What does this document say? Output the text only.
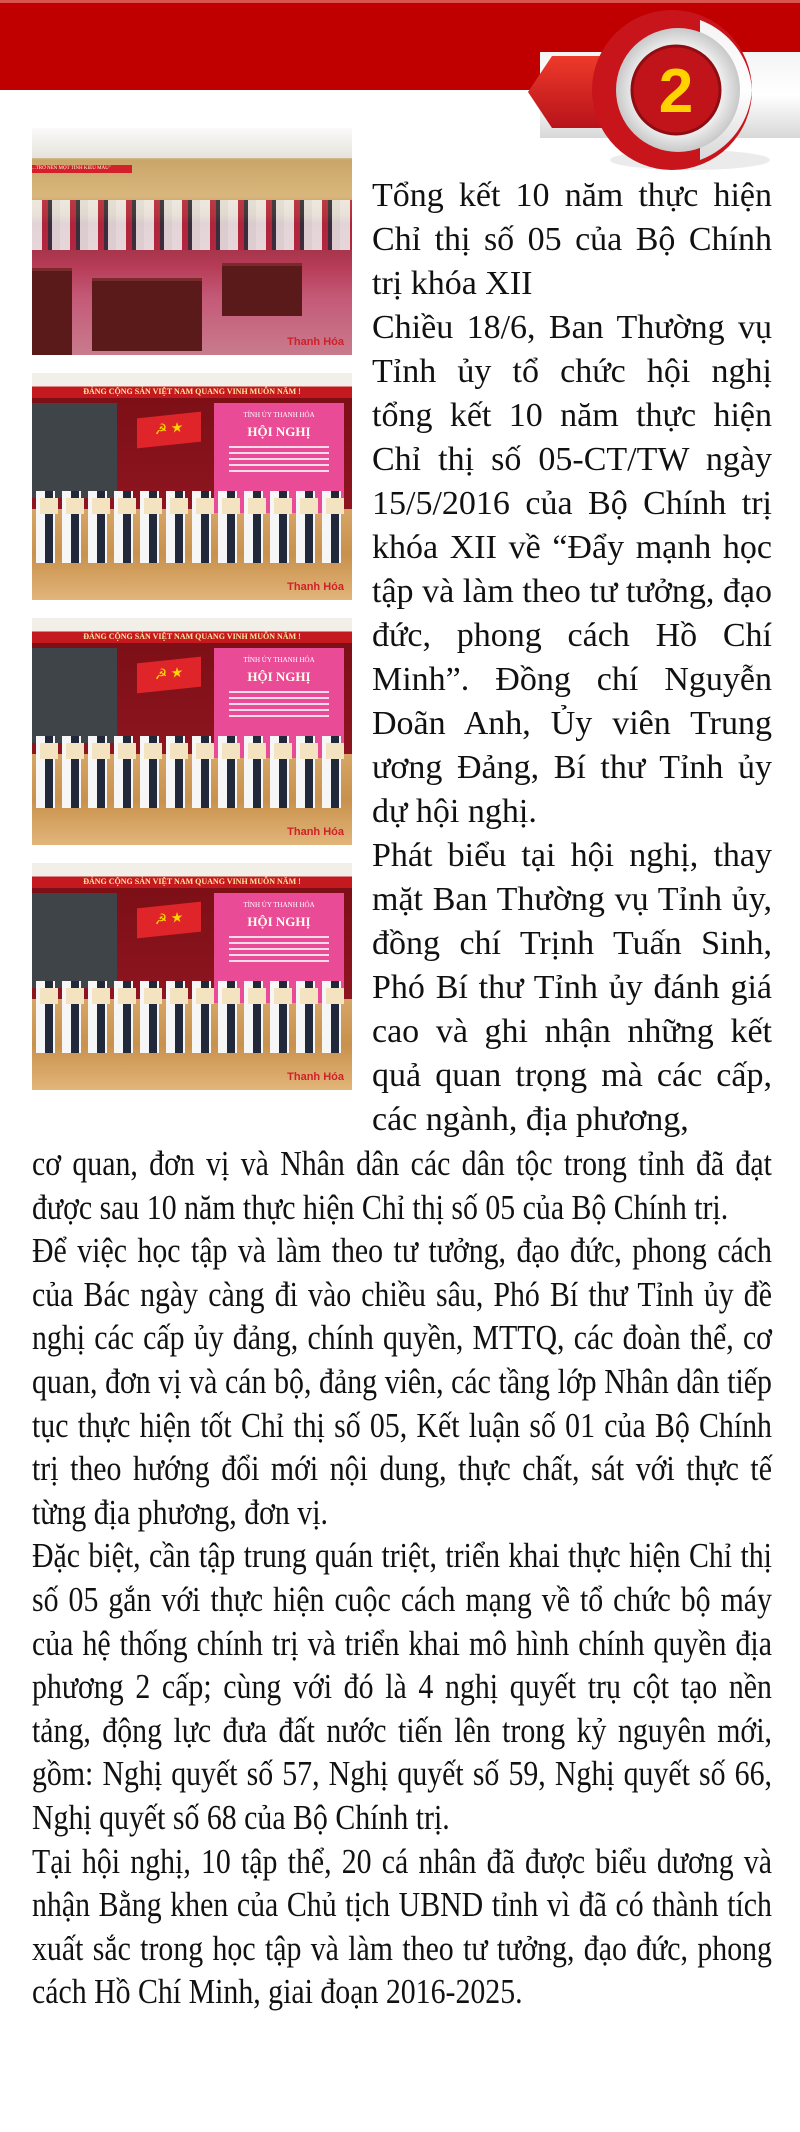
2
...TRỞ NÊN MỘT TỈNH KIỂU MẪU"
Thanh Hóa
ĐẢNG CỘNG SẢN VIỆT NAM QUANG VINH MUÔN NĂM !
☭ ★
TỈNH ỦY THANH HÓA
HỘI NGHỊ
Thanh Hóa
ĐẢNG CỘNG SẢN VIỆT NAM QUANG VINH MUÔN NĂM !
☭ ★
TỈNH ỦY THANH HÓA
HỘI NGHỊ
Thanh Hóa
ĐẢNG CỘNG SẢN VIỆT NAM QUANG VINH MUÔN NĂM !
☭ ★
TỈNH ỦY THANH HÓA
HỘI NGHỊ
Thanh Hóa

Tổng kết 10 năm thực hiện Chỉ thị số 05 của Bộ Chính trị khóa XII

Chiều 18/6, Ban Thường vụ Tỉnh ủy tổ chức hội nghị tổng kết 10 năm thực hiện Chỉ thị số 05-CT/TW ngày 15/5/2016 của Bộ Chính trị khóa XII về “Đẩy mạnh học tập và làm theo tư tưởng, đạo đức, phong cách Hồ Chí Minh”. Đồng chí Nguyễn Doãn Anh, Ủy viên Trung ương Đảng, Bí thư Tỉnh ủy dự hội nghị.

Phát biểu tại hội nghị, thay mặt Ban Thường vụ Tỉnh ủy, đồng chí Trịnh Tuấn Sinh, Phó Bí thư Tỉnh ủy đánh giá cao và ghi nhận những kết quả quan trọng mà các cấp, các ngành, địa phương,

cơ quan, đơn vị và Nhân dân các dân tộc trong tỉnh đã đạt được sau 10 năm thực hiện Chỉ thị số 05 của Bộ Chính trị.

Để việc học tập và làm theo tư tưởng, đạo đức, phong cách của Bác ngày càng đi vào chiều sâu, Phó Bí thư Tỉnh ủy đề nghị các cấp ủy đảng, chính quyền, MTTQ, các đoàn thể, cơ quan, đơn vị và cán bộ, đảng viên, các tầng lớp Nhân dân tiếp tục thực hiện tốt Chỉ thị số 05, Kết luận số 01 của Bộ Chính trị theo hướng đổi mới nội dung, thực chất, sát với thực tế từng địa phương, đơn vị.

Đặc biệt, cần tập trung quán triệt, triển khai thực hiện Chỉ thị số 05 gắn với thực hiện cuộc cách mạng về tổ chức bộ máy của hệ thống chính trị và triển khai mô hình chính quyền địa phương 2 cấp; cùng với đó là 4 nghị quyết trụ cột tạo nền tảng, động lực đưa đất nước tiến lên trong kỷ nguyên mới, gồm: Nghị quyết số 57, Nghị quyết số 59, Nghị quyết số 66, Nghị quyết số 68 của Bộ Chính trị.

Tại hội nghị, 10 tập thể, 20 cá nhân đã được biểu dương và nhận Bằng khen của Chủ tịch UBND tỉnh vì đã có thành tích xuất sắc trong học tập và làm theo tư tưởng, đạo đức, phong cách Hồ Chí Minh, giai đoạn 2016-2025.
